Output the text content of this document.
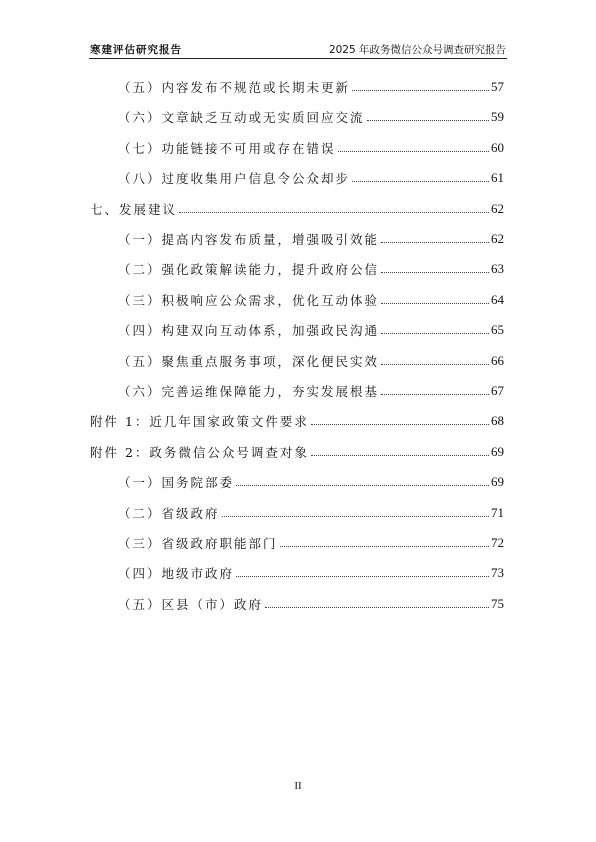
寒建评估研究报告	2025 年政务微信公众号调查研究报告
（五）内容发布不规范或长期未更新	57
（六）文章缺乏互动或无实质回应交流	59
（七）功能链接不可用或存在错误	60
（八）过度收集用户信息令公众却步	61
七、发展建议	62
（一）提高内容发布质量，增强吸引效能	62
（二）强化政策解读能力，提升政府公信	63
（三）积极响应公众需求，优化互动体验	64
（四）构建双向互动体系，加强政民沟通	65
（五）聚焦重点服务事项，深化便民实效	66
（六）完善运维保障能力，夯实发展根基	67
附件 1：近几年国家政策文件要求	68
附件 2：政务微信公众号调查对象	69
（一）国务院部委	69
（二）省级政府	71
（三）省级政府职能部门	72
（四）地级市政府	73
（五）区县（市）政府	75
II
